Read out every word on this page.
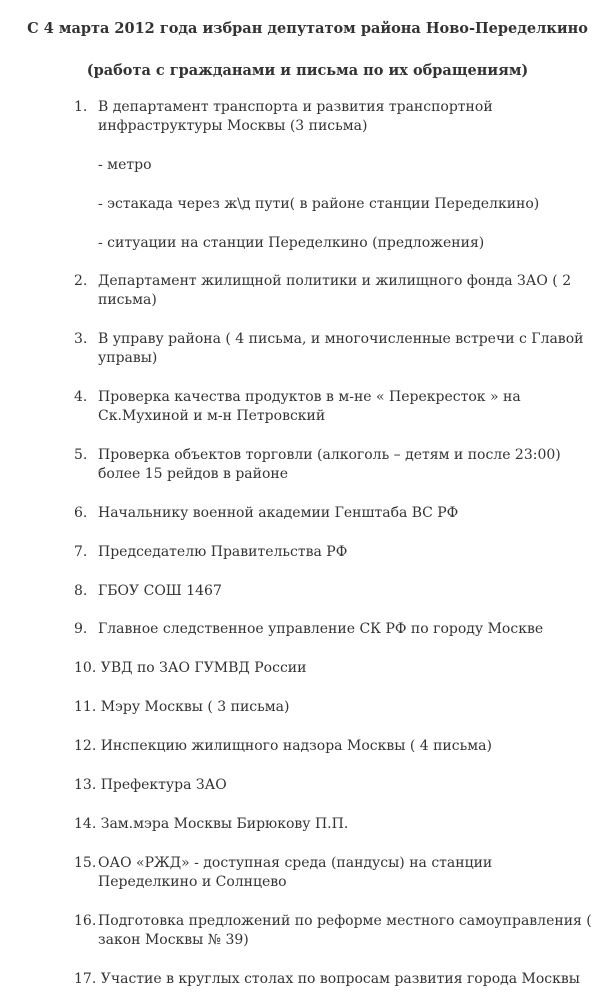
С 4 марта 2012 года избран депутатом района Ново-Переделкино
(работа с гражданами и письма по их обращениям)
1. В департамент транспорта и развития транспортной инфраструктуры Москвы (3 письма)
- метро
- эстакада через ж\д пути( в районе станции Переделкино)
- ситуации на станции Переделкино (предложения)
2. Департамент жилищной политики и жилищного фонда ЗАО ( 2 письма)
3. В управу района ( 4 письма, и многочисленные встречи с Главой управы)
4. Проверка качества продуктов в м-не « Перекресток » на Ск.Мухиной и м-н Петровский
5. Проверка объектов торговли (алкоголь – детям и после 23:00) более 15 рейдов в районе
6. Начальнику военной академии Генштаба ВС РФ
7. Председателю Правительства РФ
8. ГБОУ СОШ 1467
9. Главное следственное управление СК РФ по городу Москве
10. УВД по ЗАО ГУМВД России
11. Мэру Москвы ( 3 письма)
12. Инспекцию жилищного надзора Москвы ( 4 письма)
13. Префектура ЗАО
14. Зам.мэра Москвы Бирюкову П.П.
15. ОАО «РЖД» - доступная среда (пандусы) на станции Переделкино и Солнцево
16. Подготовка предложений по реформе местного самоуправления ( закон Москвы № 39)
17. Участие в круглых столах по вопросам развития города Москвы
